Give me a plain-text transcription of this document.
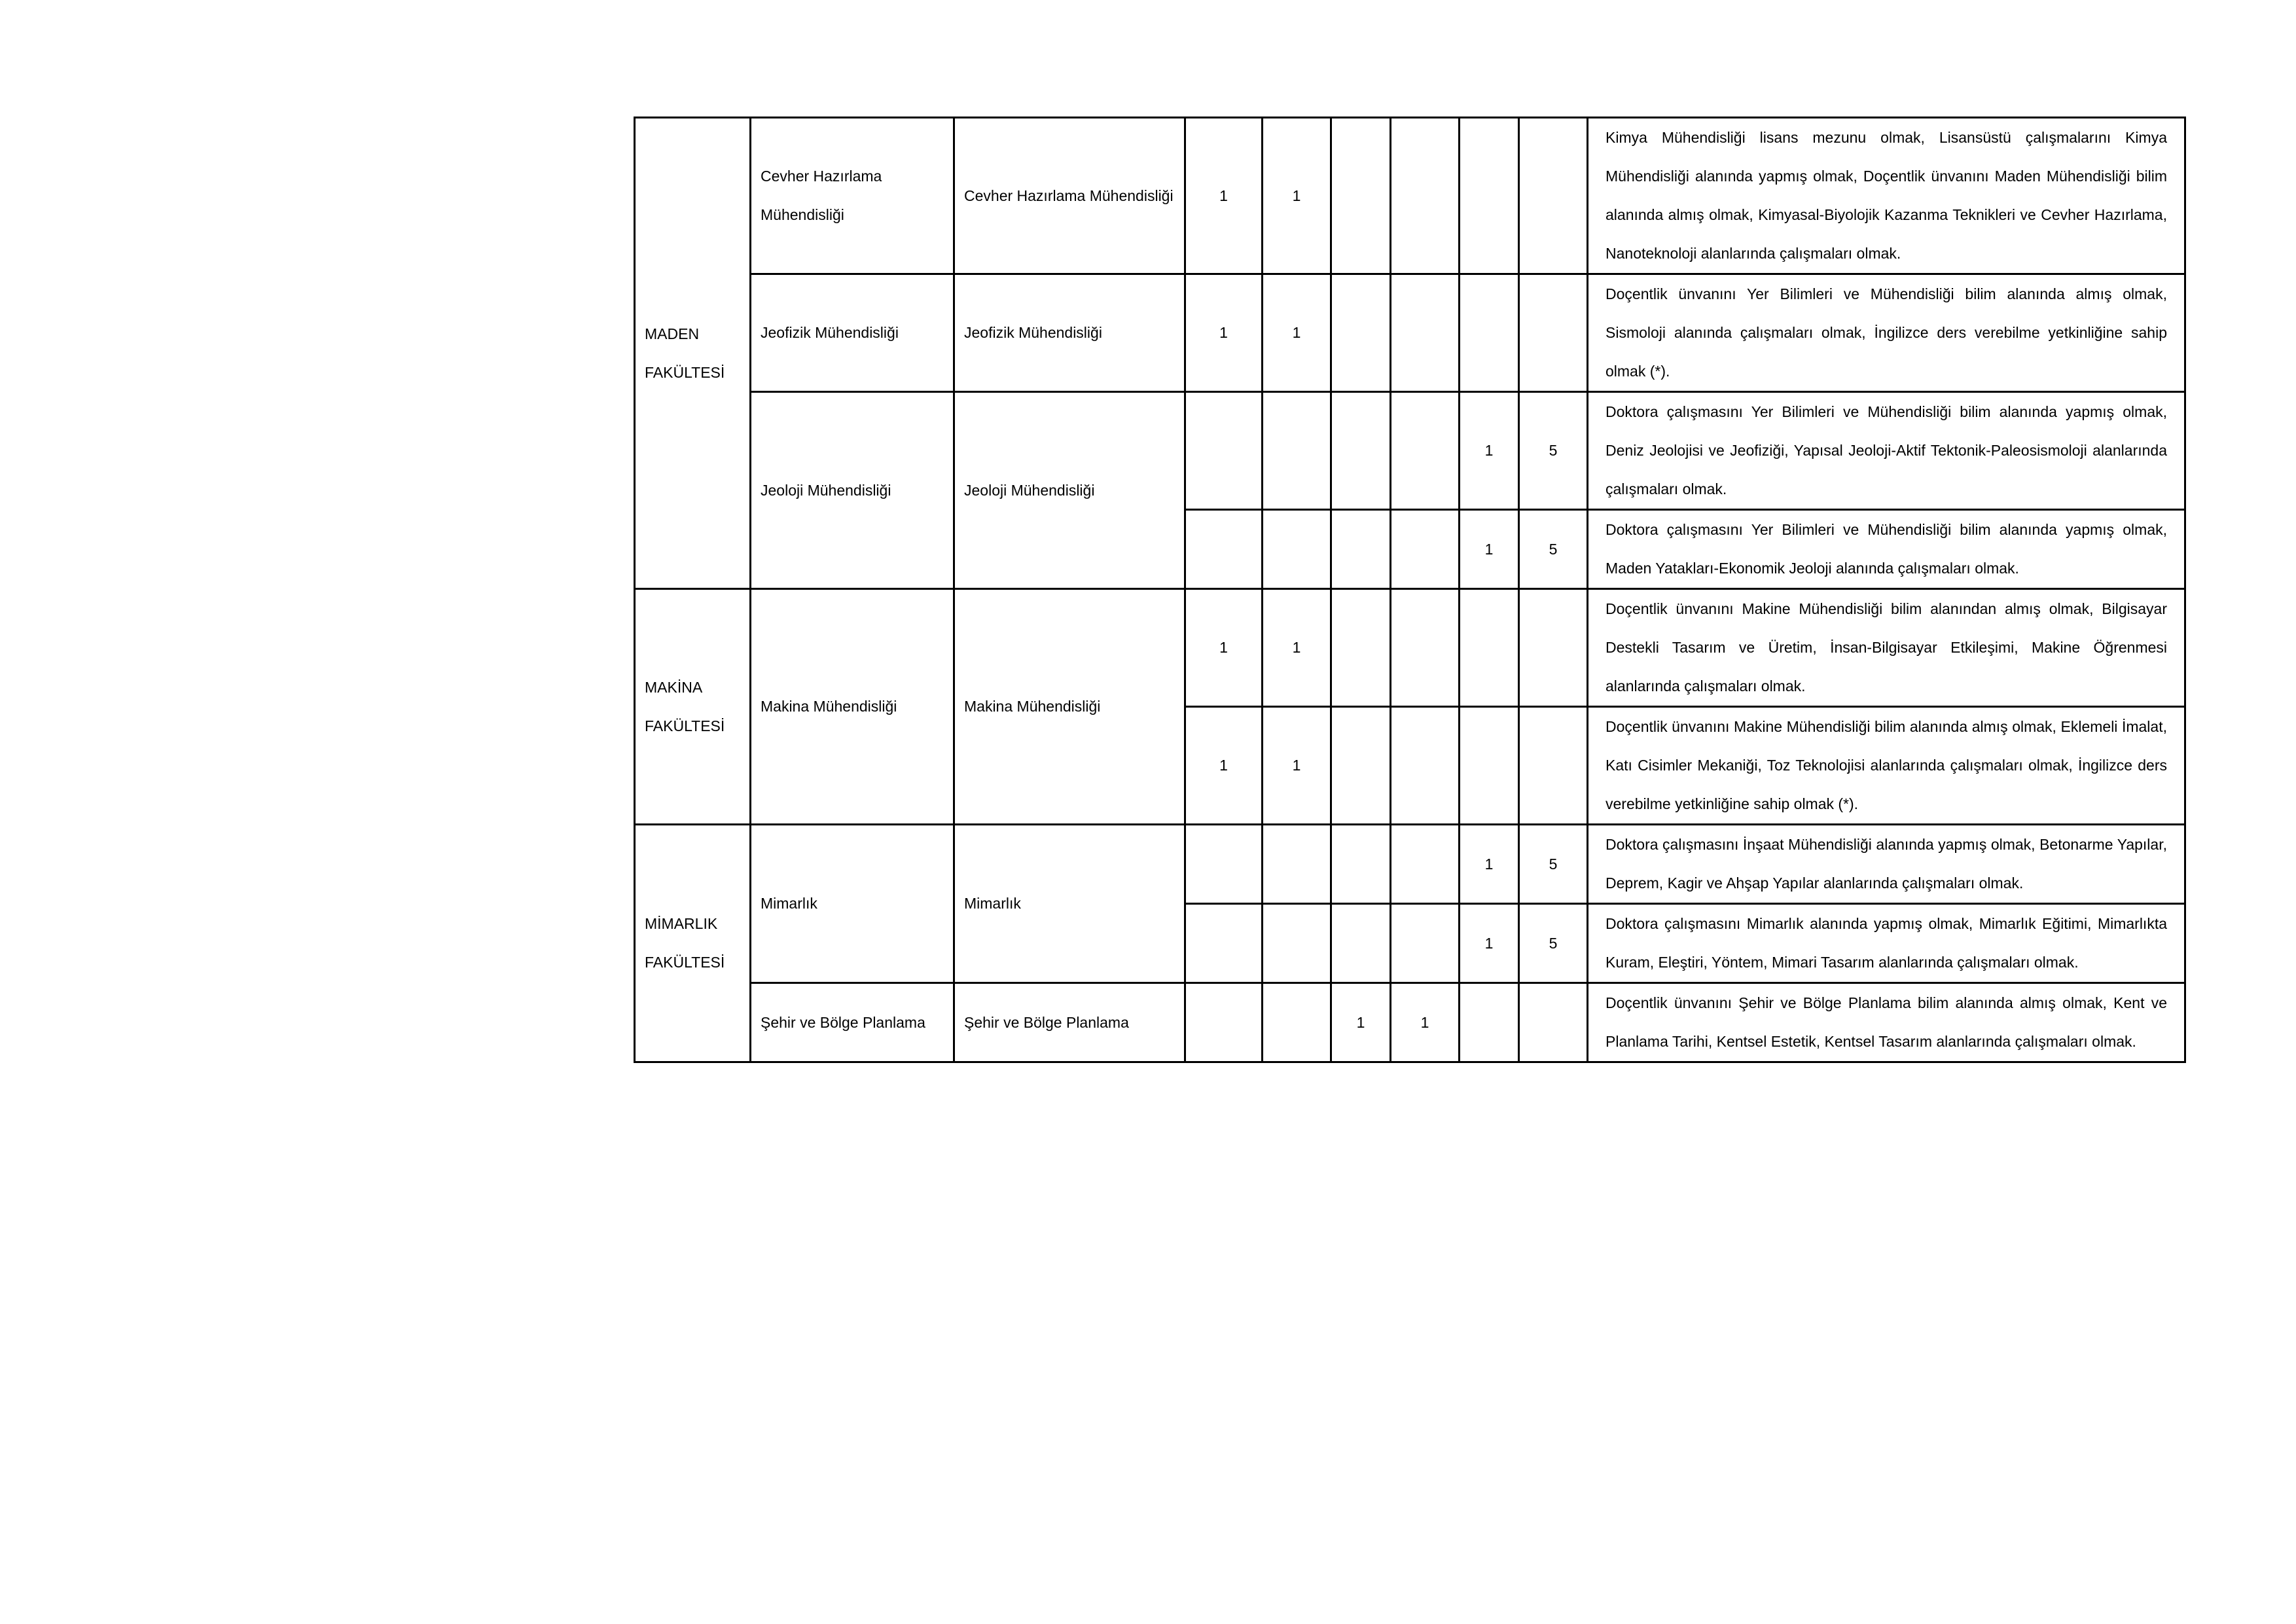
MADEN FAKÜLTESİ	Cevher Hazırlama Mühendisliği	Cevher Hazırlama Mühendisliği	1	1					Kimya Mühendisliği lisans mezunu olmak, Lisansüstü çalışmalarını Kimya Mühendisliği alanında yapmış olmak, Doçentlik ünvanını Maden Mühendisliği bilim alanında almış olmak, Kimyasal-Biyolojik Kazanma Teknikleri ve Cevher Hazırlama, Nanoteknoloji alanlarında çalışmaları olmak.
	Jeofizik Mühendisliği	Jeofizik Mühendisliği	1	1					Doçentlik ünvanını Yer Bilimleri ve Mühendisliği bilim alanında almış olmak, Sismoloji alanında çalışmaları olmak, İngilizce ders verebilme yetkinliğine sahip olmak (*).
	Jeoloji Mühendisliği	Jeoloji Mühendisliği					1	5	Doktora çalışmasını Yer Bilimleri ve Mühendisliği bilim alanında yapmış olmak, Deniz Jeolojisi ve Jeofiziği, Yapısal Jeoloji-Aktif Tektonik-Paleosismoloji alanlarında çalışmaları olmak.
							1	5	Doktora çalışmasını Yer Bilimleri ve Mühendisliği bilim alanında yapmış olmak, Maden Yatakları-Ekonomik Jeoloji alanında çalışmaları olmak.
MAKİNA FAKÜLTESİ	Makina Mühendisliği	Makina Mühendisliği	1	1					Doçentlik ünvanını Makine Mühendisliği bilim alanından almış olmak, Bilgisayar Destekli Tasarım ve Üretim, İnsan-Bilgisayar Etkileşimi, Makine Öğrenmesi alanlarında çalışmaları olmak.
			1	1					Doçentlik ünvanını Makine Mühendisliği bilim alanında almış olmak, Eklemeli İmalat, Katı Cisimler Mekaniği, Toz Teknolojisi alanlarında çalışmaları olmak, İngilizce ders verebilme yetkinliğine sahip olmak (*).
MİMARLIK FAKÜLTESİ	Mimarlık	Mimarlık					1	5	Doktora çalışmasını İnşaat Mühendisliği alanında yapmış olmak, Betonarme Yapılar, Deprem, Kagir ve Ahşap Yapılar alanlarında çalışmaları olmak.
							1	5	Doktora çalışmasını Mimarlık alanında yapmış olmak, Mimarlık Eğitimi, Mimarlıkta Kuram, Eleştiri, Yöntem, Mimari Tasarım alanlarında çalışmaları olmak.
	Şehir ve Bölge Planlama	Şehir ve Bölge Planlama			1	1			Doçentlik ünvanını Şehir ve Bölge Planlama bilim alanında almış olmak, Kent ve Planlama Tarihi, Kentsel Estetik, Kentsel Tasarım alanlarında çalışmaları olmak.
